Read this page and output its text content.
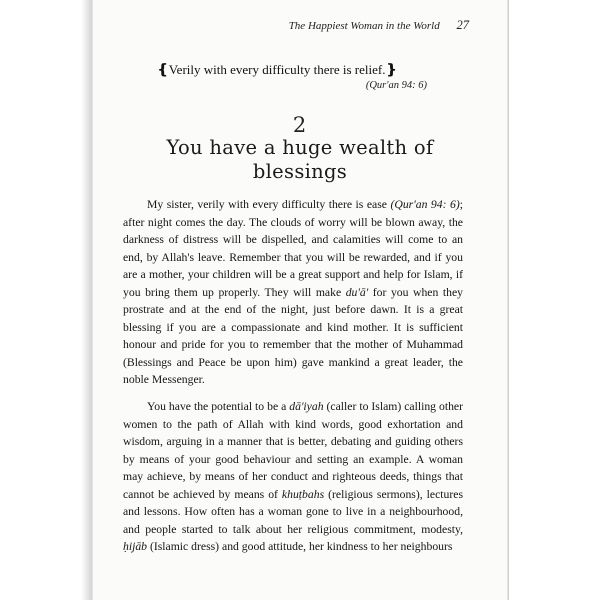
The Happiest Woman in the World 27
❴Verily with every difficulty there is relief.❵
(Qur'an 94: 6)
2
You have a huge wealth of
blessings

My sister, verily with every difficulty there is ease (Qur'an 94: 6); after night comes the day. The clouds of worry will be blown away, the darkness of distress will be dispelled, and calamities will come to an end, by Allah's leave. Remember that you will be rewarded, and if you are a mother, your children will be a great support and help for Islam, if you bring them up properly. They will make du'ā' for you when they prostrate and at the end of the night, just before dawn. It is a great blessing if you are a compassionate and kind mother. It is sufficient honour and pride for you to remember that the mother of Muhammad (Blessings and Peace be upon him) gave mankind a great leader, the noble Messenger.

You have the potential to be a dā'iyah (caller to Islam) calling other women to the path of Allah with kind words, good exhortation and wisdom, arguing in a manner that is better, debating and guiding others by means of your good behaviour and setting an example. A woman may achieve, by means of her conduct and righteous deeds, things that cannot be achieved by means of khuṭbahs (religious sermons), lectures and lessons. How often has a woman gone to live in a neighbourhood, and people started to talk about her religious commitment, modesty, ḥijāb (Islamic dress) and good attitude, her kindness to her neighbours
